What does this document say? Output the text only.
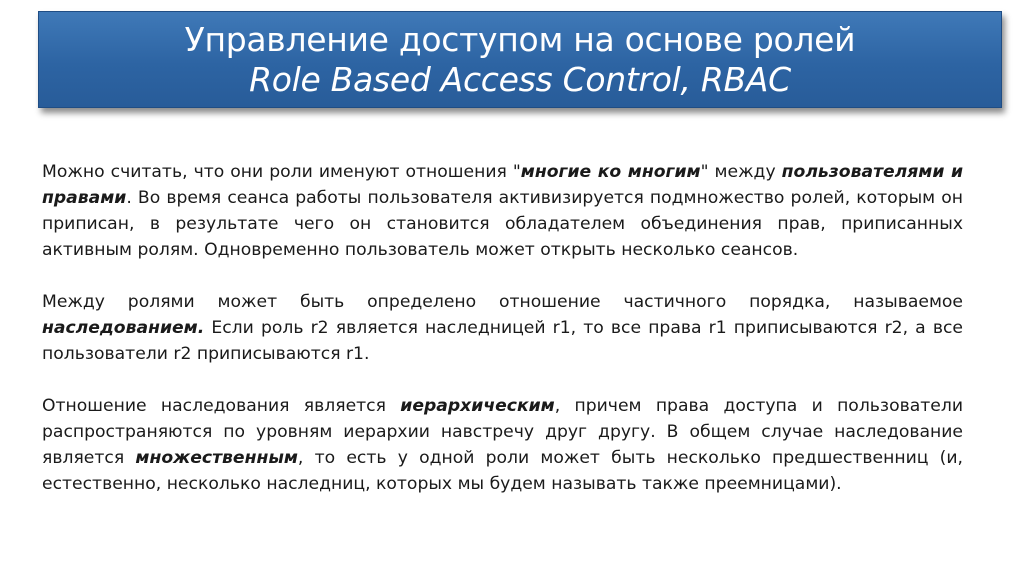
Управление доступом на основе ролей
Role Based Access Control, RBAC

Можно считать, что они роли именуют отношения "многие ко многим" между пользователями и правами. Во время сеанса работы пользователя активизируется подмножество ролей, которым он приписан, в результате чего он становится обладателем объединения прав, приписанных активным ролям. Одновременно пользователь может открыть несколько сеансов.

Между ролями может быть определено отношение частичного порядка, называемое наследованием. Если роль r2 является наследницей r1, то все права r1 приписываются r2, а все пользователи r2 приписываются r1.

Отношение наследования является иерархическим, причем права доступа и пользователи распространяются по уровням иерархии навстречу друг другу. В общем случае наследование является множественным, то есть у одной роли может быть несколько предшественниц (и, естественно, несколько наследниц, которых мы будем называть также преемницами).
